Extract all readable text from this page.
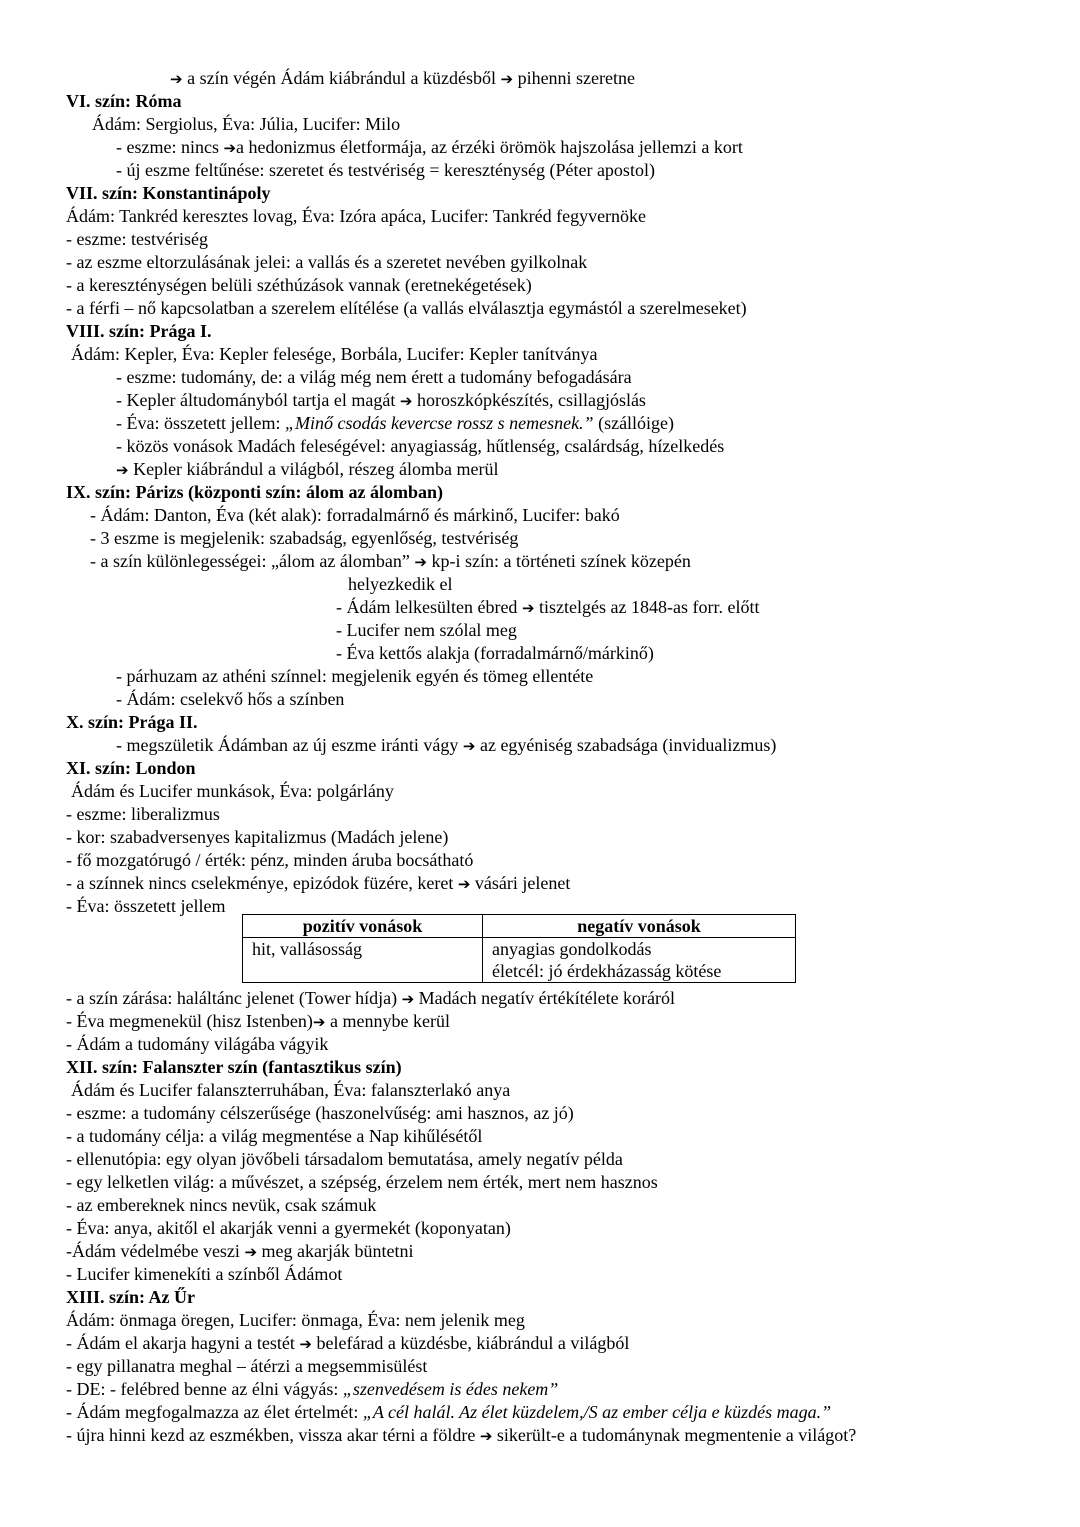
➔ a szín végén Ádám kiábrándul a küzdésből ➔ pihenni szeretne
VI. szín: Róma
Ádám: Sergiolus, Éva: Júlia, Lucifer: Milo
- eszme: nincs ➔a hedonizmus életformája, az érzéki örömök hajszolása jellemzi a kort
- új eszme feltűnése: szeretet és testvériség = kereszténység (Péter apostol)
VII. szín: Konstantinápoly
Ádám: Tankréd keresztes lovag, Éva: Izóra apáca, Lucifer: Tankréd fegyvernöke
- eszme: testvériség
- az eszme eltorzulásának jelei: a vallás és a szeretet nevében gyilkolnak
- a kereszténységen belüli széthúzások vannak (eretnekégetések)
- a férfi – nő kapcsolatban a szerelem elítélése (a vallás elválasztja egymástól a szerelmeseket)
VIII. szín: Prága I.
Ádám: Kepler, Éva: Kepler felesége, Borbála, Lucifer: Kepler tanítványa
- eszme: tudomány, de: a világ még nem érett a tudomány befogadására
- Kepler áltudományból tartja el magát ➔ horoszkópkészítés, csillagjóslás
- Éva: összetett jellem: „Minő csodás kevercse rossz s nemesnek.” (szállóige)
- közös vonások Madách feleségével: anyagiasság, hűtlenség, csalárdság, hízelkedés
➔ Kepler kiábrándul a világból, részeg álomba merül
IX. szín: Párizs (központi szín: álom az álomban)
- Ádám: Danton, Éva (két alak): forradalmárnő és márkinő, Lucifer: bakó
- 3 eszme is megjelenik: szabadság, egyenlőség, testvériség
- a szín különlegességei: „álom az álomban” ➔ kp-i szín: a történeti színek közepén
helyezkedik el
- Ádám lelkesülten ébred ➔ tisztelgés az 1848-as forr. előtt
- Lucifer nem szólal meg
- Éva kettős alakja (forradalmárnő/márkinő)
- párhuzam az athéni színnel: megjelenik egyén és tömeg ellentéte
- Ádám: cselekvő hős a színben
X. szín: Prága II.
- megszületik Ádámban az új eszme iránti vágy ➔ az egyéniség szabadsága (invidualizmus)
XI. szín: London
Ádám és Lucifer munkások, Éva: polgárlány
- eszme: liberalizmus
- kor: szabadversenyes kapitalizmus (Madách jelene)
- fő mozgatórugó / érték: pénz, minden áruba bocsátható
- a színnek nincs cselekménye, epizódok füzére, keret ➔ vásári jelenet
- Éva: összetett jellem
pozitív vonások	negatív vonások

hit, vallásosság	anyagias gondolkodás
életcél: jó érdekházasság kötése
- a szín zárása: haláltánc jelenet (Tower hídja) ➔ Madách negatív értékítélete koráról
- Éva megmenekül (hisz Istenben)➔ a mennybe kerül
- Ádám a tudomány világába vágyik
XII. szín: Falanszter szín (fantasztikus szín)
Ádám és Lucifer falanszterruhában, Éva: falanszterlakó anya
- eszme: a tudomány célszerűsége (haszonelvűség: ami hasznos, az jó)
- a tudomány célja: a világ megmentése a Nap kihűlésétől
- ellenutópia: egy olyan jövőbeli társadalom bemutatása, amely negatív példa
- egy lelketlen világ: a művészet, a szépség, érzelem nem érték, mert nem hasznos
- az embereknek nincs nevük, csak számuk
- Éva: anya, akitől el akarják venni a gyermekét (koponyatan)
-Ádám védelmébe veszi ➔ meg akarják büntetni
- Lucifer kimenekíti a színből Ádámot
XIII. szín: Az Űr
Ádám: önmaga öregen, Lucifer: önmaga, Éva: nem jelenik meg
- Ádám el akarja hagyni a testét ➔ belefárad a küzdésbe, kiábrándul a világból
- egy pillanatra meghal – átérzi a megsemmisülést
- DE: - felébred benne az élni vágyás: „szenvedésem is édes nekem”
- Ádám megfogalmazza az élet értelmét: „A cél halál. Az élet küzdelem,/S az ember célja e küzdés maga.”
- újra hinni kezd az eszmékben, vissza akar térni a földre ➔ sikerült-e a tudománynak megmentenie a világot?
